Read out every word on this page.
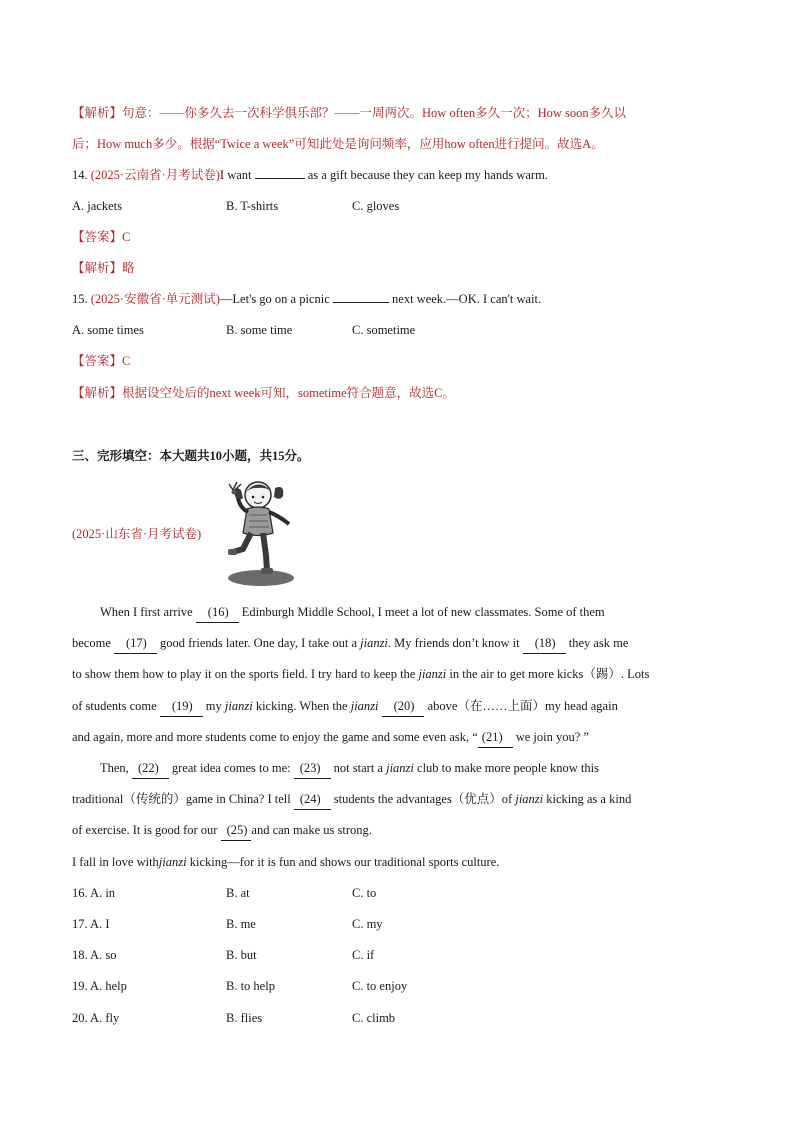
【解析】句意：——你多久去一次科学俱乐部？——一周两次。How often多久一次；How soon多久以
后；How much多少。根据“Twice a week”可知此处是询问频率，应用how often进行提问。故选A。
14. (2025·云南省·月考试卷)I want	as a gift because they can keep my hands warm.
A. jackets	B. T-shirts	C. gloves
【答案】C
【解析】略
15. (2025·安徽省·单元测试)—Let's go on a picnic	next week.—OK. I can't wait.
A. some times	B. some time	C. sometime
【答案】C
【解析】根据设空处后的next week可知，sometime符合题意，故选C。
三、完形填空：本大题共10小题，共15分。
(2025·山东省·月考试卷)
When I first arrive (16) Edinburgh Middle School, I meet a lot of new classmates. Some of them
become (17) good friends later. One day, I take out a jianzi. My friends don’t know it (18) they ask me
to show them how to play it on the sports field. I try hard to keep the jianzi in the air to get more kicks（踢）. Lots
of students come (19) my jianzi kicking. When the jianzi (20) above（在……上面）my head again
and again, more and more students come to enjoy the game and some even ask, “ (21) we join you? ”
Then, (22) great idea comes to me: (23) not start a jianzi club to make more people know this
traditional（传统的）game in China? I tell (24) students the advantages（优点）of jianzi kicking as a kind
of exercise. It is good for our (25) and can make us strong.
I fall in love withjianzi kicking—for it is fun and shows our traditional sports culture.
16. A. in	B. at	C. to
17. A. I	B. me	C. my
18. A. so	B. but	C. if
19. A. help	B. to help	C. to enjoy
20. A. fly	B. flies	C. climb
